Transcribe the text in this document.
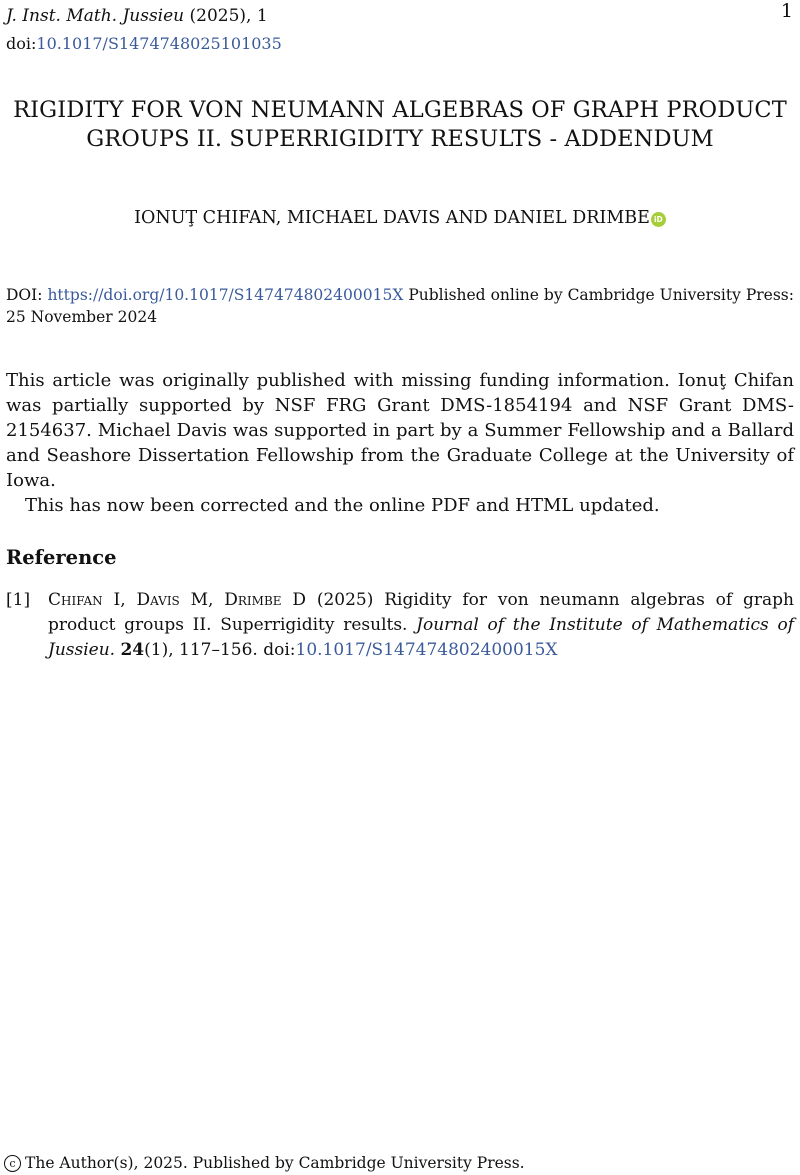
J. Inst. Math. Jussieu (2025), 1
doi:10.1017/S1474748025101035
1
RIGIDITY FOR VON NEUMANN ALGEBRAS OF GRAPH PRODUCT
GROUPS II. SUPERRIGIDITY RESULTS - ADDENDUM
IONUŢ CHIFAN, MICHAEL DAVIS AND DANIEL DRIMBE iD
DOI: https://doi.org/10.1017/S147474802400015X Published online by Cambridge University Press: 25 November 2024

This article was originally published with missing funding information. Ionuţ Chifan was partially supported by NSF FRG Grant DMS-1854194 and NSF Grant DMS-2154637. Michael Davis was supported in part by a Summer Fellowship and a Ballard and Seashore Dissertation Fellowship from the Graduate College at the University of Iowa.

This has now been corrected and the online PDF and HTML updated.

Reference
[1] Chifan I, Davis M, Drimbe D (2025) Rigidity for von neumann algebras of graph product groups II. Superrigidity results. Journal of the Institute of Mathematics of Jussieu. 24(1), 117–156. doi:10.1017/S147474802400015X
c The Author(s), 2025. Published by Cambridge University Press.
